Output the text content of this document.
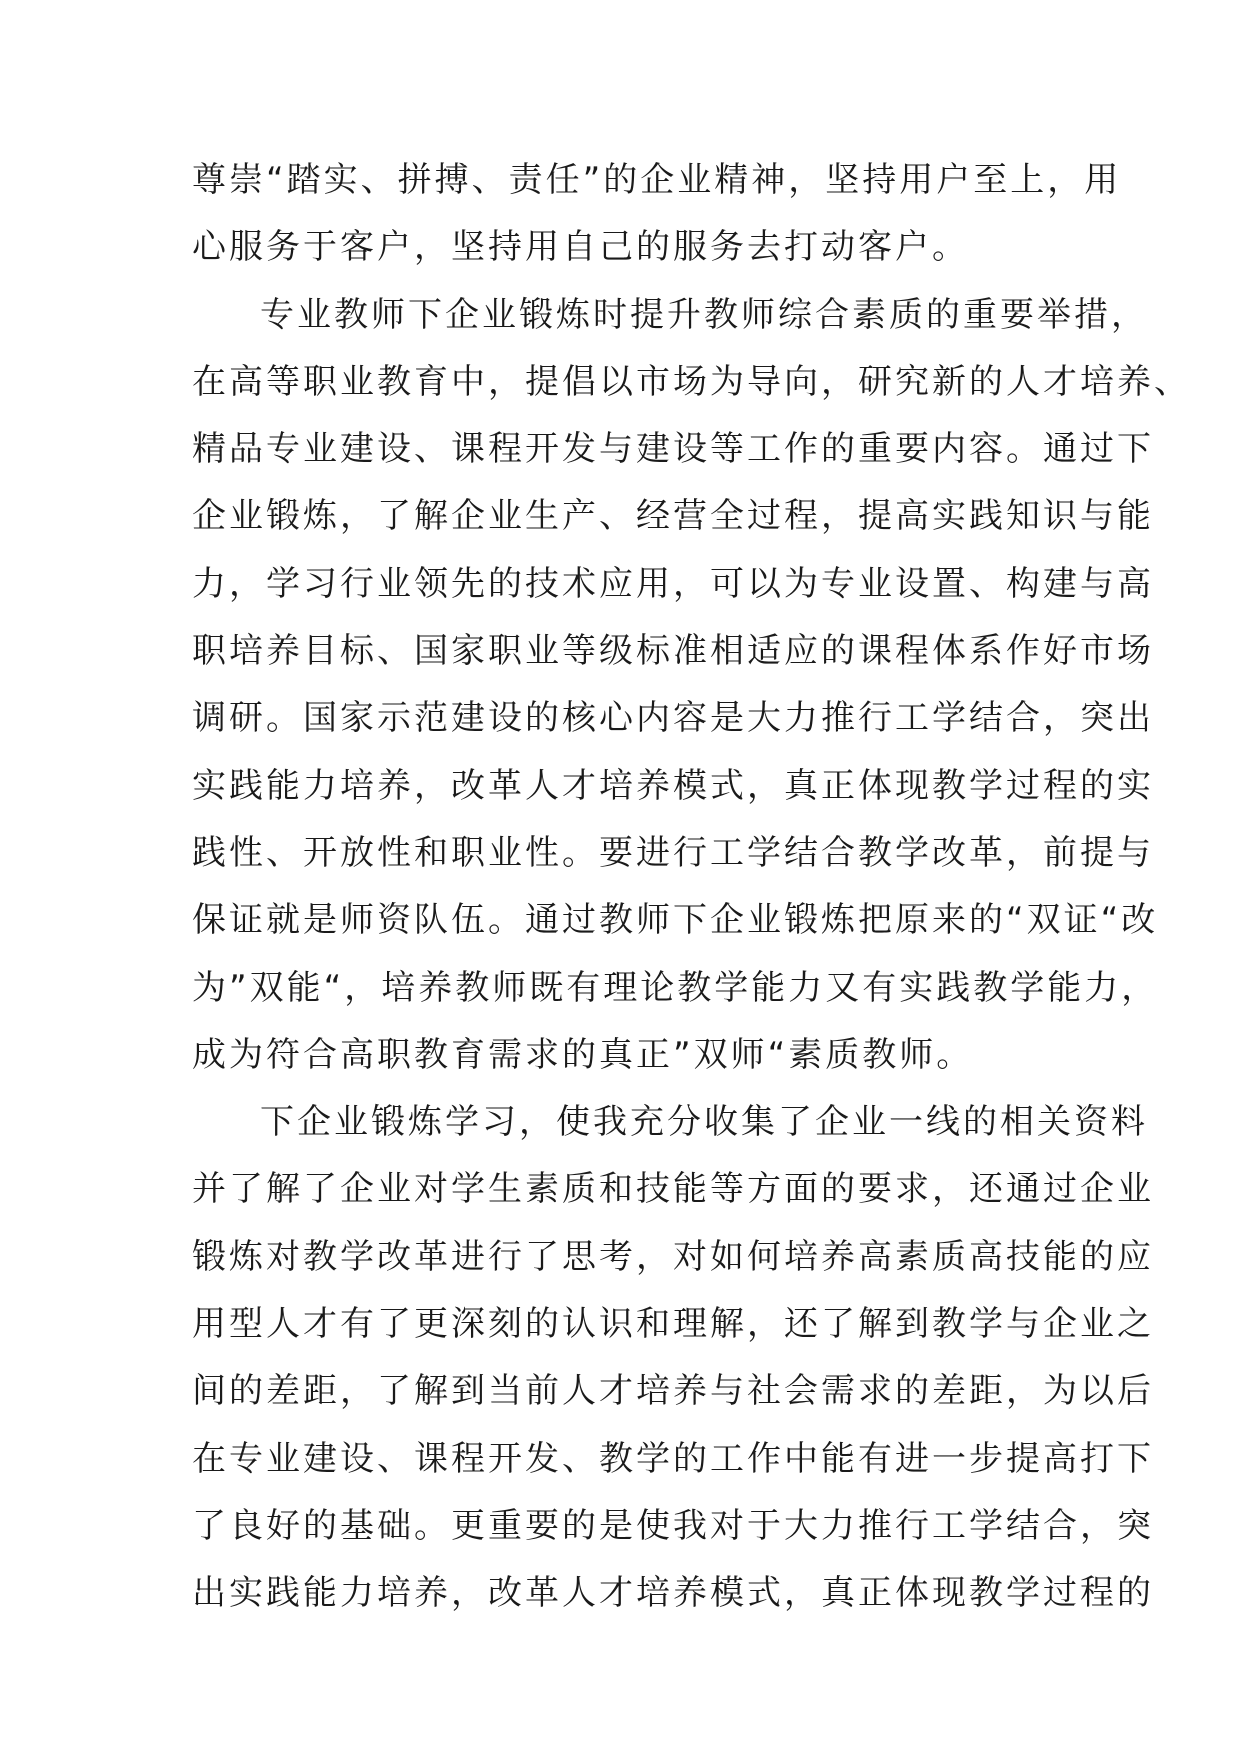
尊崇“踏实、拼搏、责任”的企业精神，坚持用户至上，用
心服务于客户，坚持用自己的服务去打动客户。
专业教师下企业锻炼时提升教师综合素质的重要举措，
在高等职业教育中，提倡以市场为导向，研究新的人才培养、
精品专业建设、课程开发与建设等工作的重要内容。通过下
企业锻炼，了解企业生产、经营全过程，提高实践知识与能
力，学习行业领先的技术应用，可以为专业设置、构建与高
职培养目标、国家职业等级标准相适应的课程体系作好市场
调研。国家示范建设的核心内容是大力推行工学结合，突出
实践能力培养，改革人才培养模式，真正体现教学过程的实
践性、开放性和职业性。要进行工学结合教学改革，前提与
保证就是师资队伍。通过教师下企业锻炼把原来的“双证“改
为”双能“，培养教师既有理论教学能力又有实践教学能力，
成为符合高职教育需求的真正”双师“素质教师。
下企业锻炼学习，使我充分收集了企业一线的相关资料
并了解了企业对学生素质和技能等方面的要求，还通过企业
锻炼对教学改革进行了思考，对如何培养高素质高技能的应
用型人才有了更深刻的认识和理解，还了解到教学与企业之
间的差距，了解到当前人才培养与社会需求的差距，为以后
在专业建设、课程开发、教学的工作中能有进一步提高打下
了良好的基础。更重要的是使我对于大力推行工学结合，突
出实践能力培养，改革人才培养模式，真正体现教学过程的
